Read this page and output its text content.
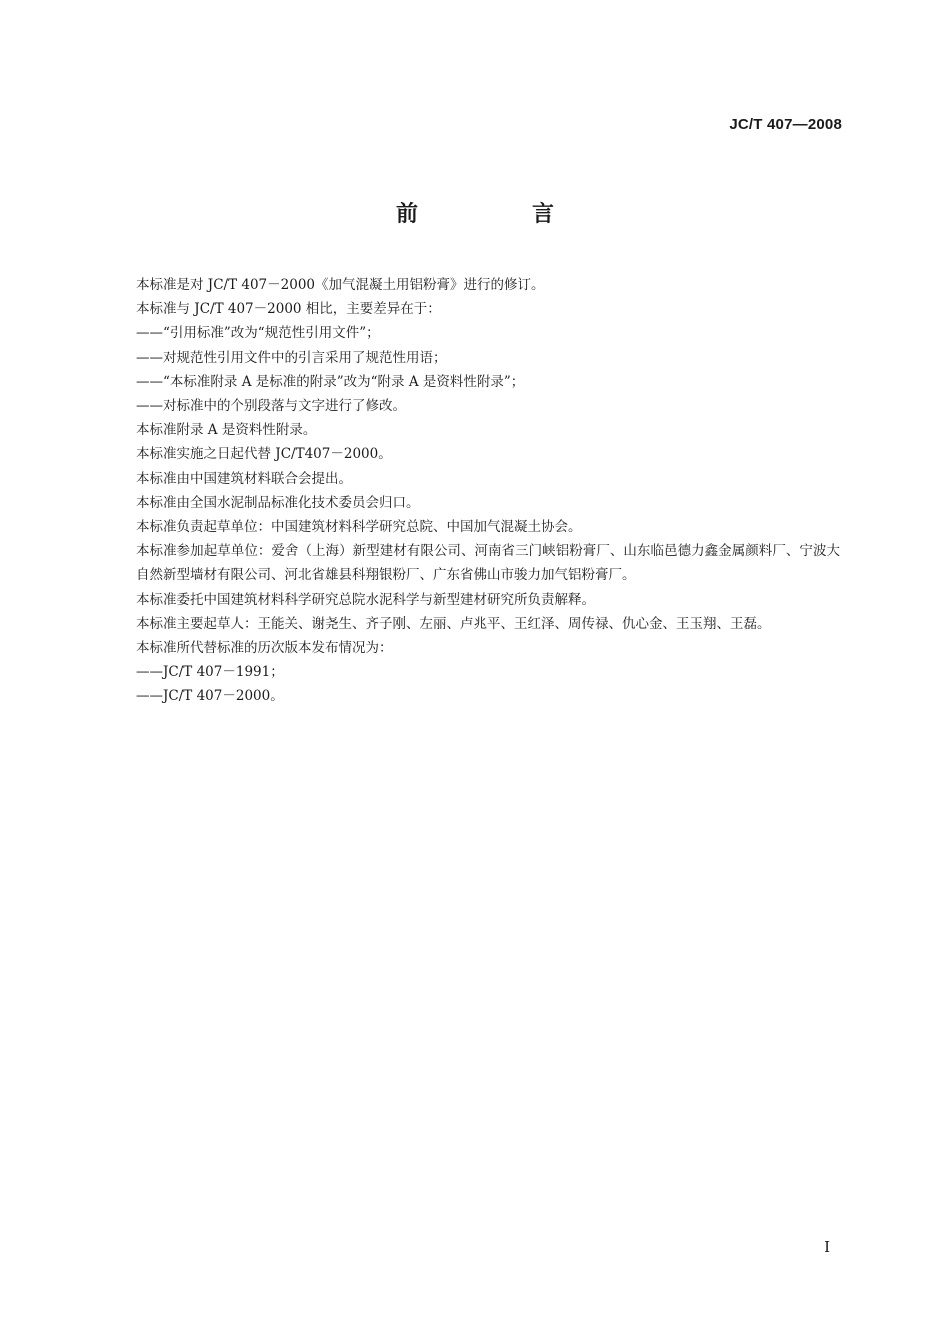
JC/T 407—2008
前　言

本标准是对 JC/T 407－2000《加气混凝土用铝粉膏》进行的修订。

本标准与 JC/T 407－2000 相比，主要差异在于：

——“引用标准”改为“规范性引用文件”；

——对规范性引用文件中的引言采用了规范性用语；

——“本标准附录 A 是标准的附录”改为“附录 A 是资料性附录”；

——对标准中的个别段落与文字进行了修改。

本标准附录 A 是资料性附录。

本标准实施之日起代替 JC/T407－2000。

本标准由中国建筑材料联合会提出。

本标准由全国水泥制品标准化技术委员会归口。

本标准负责起草单位：中国建筑材料科学研究总院、中国加气混凝土协会。

本标准参加起草单位：爱舍（上海）新型建材有限公司、河南省三门峡铝粉膏厂、山东临邑德力鑫金属颜料厂、宁波大自然新型墙材有限公司、河北省雄县科翔银粉厂、广东省佛山市骏力加气铝粉膏厂。

本标准委托中国建筑材料科学研究总院水泥科学与新型建材研究所负责解释。

本标准主要起草人：王能关、谢尧生、齐子刚、左丽、卢兆平、王红泽、周传禄、仇心金、王玉翔、王磊。

本标准所代替标准的历次版本发布情况为：

——JC/T 407－1991；

——JC/T 407－2000。

I
